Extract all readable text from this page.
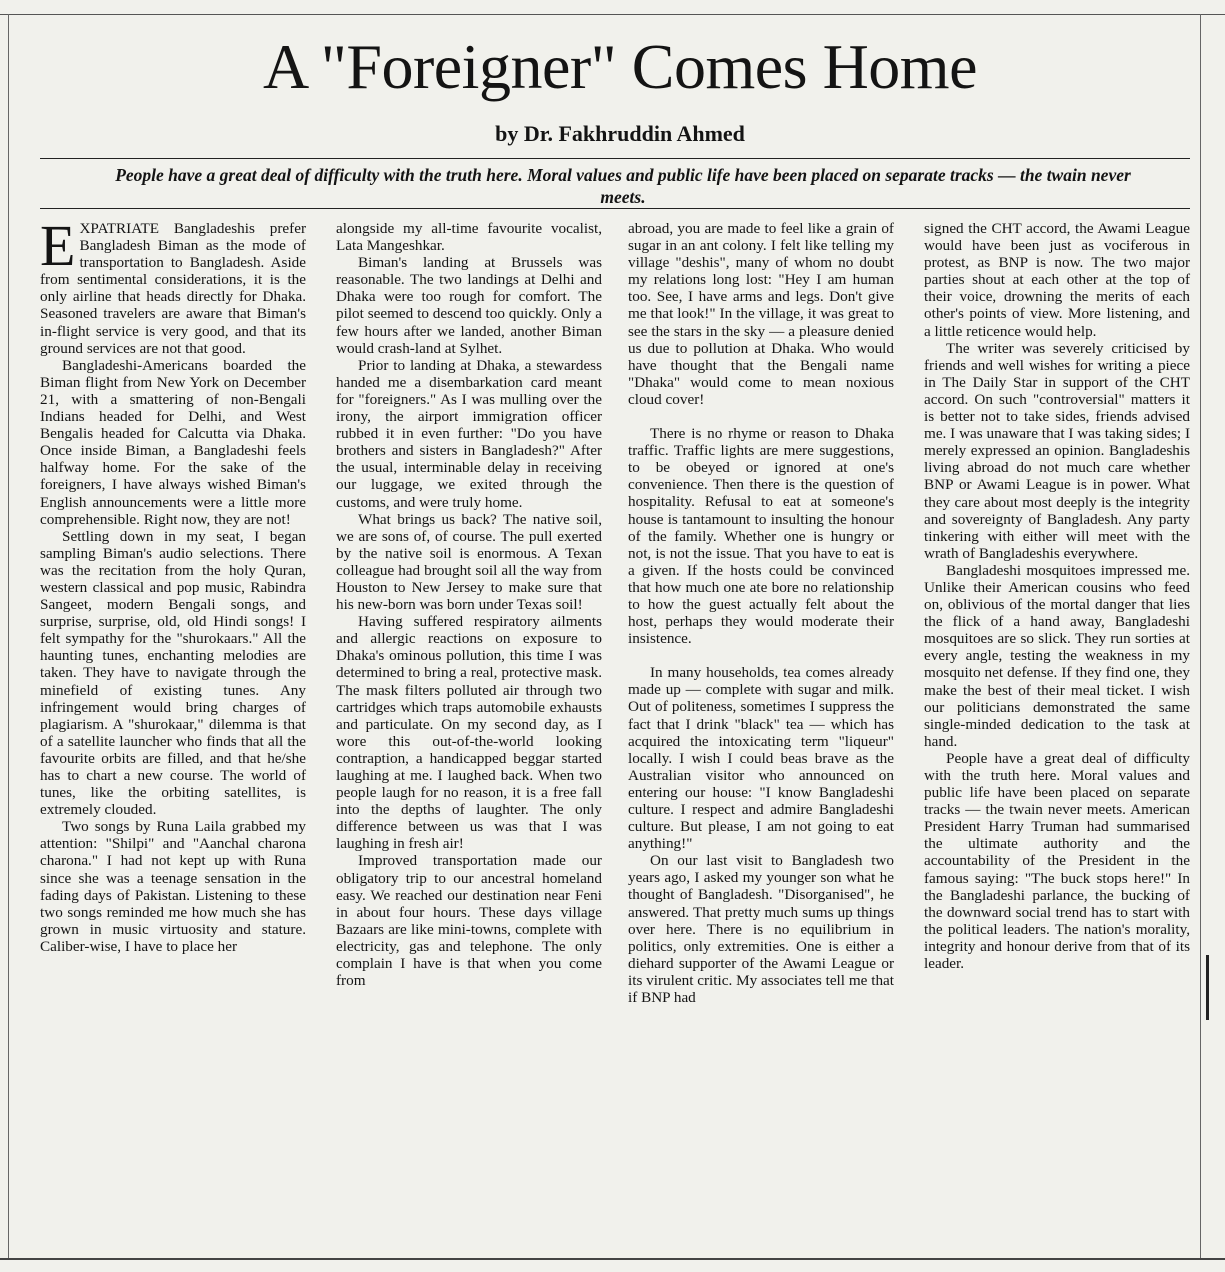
A "Foreigner" Comes Home
by Dr. Fakhruddin Ahmed
People have a great deal of difficulty with the truth here. Moral values and public life have been placed on separate tracks — the twain never meets.

EXPATRIATE Bangladeshis prefer Bangladesh Biman as the mode of transportation to Bangladesh. Aside from sentimental considerations, it is the only airline that heads directly for Dhaka. Seasoned travelers are aware that Biman's in-flight service is very good, and that its ground services are not that good.

Bangladeshi-Americans boarded the Biman flight from New York on December 21, with a smattering of non-Bengali Indians headed for Delhi, and West Bengalis headed for Calcutta via Dhaka. Once inside Biman, a Bangladeshi feels halfway home. For the sake of the foreigners, I have always wished Biman's English announcements were a little more comprehensible. Right now, they are not!

Settling down in my seat, I began sampling Biman's audio selections. There was the recitation from the holy Quran, western classical and pop music, Rabindra Sangeet, modern Bengali songs, and surprise, surprise, old, old Hindi songs! I felt sympathy for the "shurokaars." All the haunting tunes, enchanting melodies are taken. They have to navigate through the minefield of existing tunes. Any infringement would bring charges of plagiarism. A "shurokaar," dilemma is that of a satellite launcher who finds that all the favourite orbits are filled, and that he/she has to chart a new course. The world of tunes, like the orbiting satellites, is extremely clouded.

Two songs by Runa Laila grabbed my attention: "Shilpi" and "Aanchal charona charona." I had not kept up with Runa since she was a teenage sensation in the fading days of Pakistan. Listening to these two songs reminded me how much she has grown in music virtuosity and stature. Caliber-wise, I have to place her

alongside my all-time favourite vocalist, Lata Mangeshkar.

Biman's landing at Brussels was reasonable. The two landings at Delhi and Dhaka were too rough for comfort. The pilot seemed to descend too quickly. Only a few hours after we landed, another Biman would crash-land at Sylhet.

Prior to landing at Dhaka, a stewardess handed me a disembarkation card meant for "foreigners." As I was mulling over the irony, the airport immigration officer rubbed it in even further: "Do you have brothers and sisters in Bangladesh?" After the usual, interminable delay in receiving our luggage, we exited through the customs, and were truly home.

What brings us back? The native soil, we are sons of, of course. The pull exerted by the native soil is enormous. A Texan colleague had brought soil all the way from Houston to New Jersey to make sure that his new-born was born under Texas soil!

Having suffered respiratory ailments and allergic reactions on exposure to Dhaka's ominous pollution, this time I was determined to bring a real, protective mask. The mask filters polluted air through two cartridges which traps automobile exhausts and particulate. On my second day, as I wore this out-of-the-world looking contraption, a handicapped beggar started laughing at me. I laughed back. When two people laugh for no reason, it is a free fall into the depths of laughter. The only difference between us was that I was laughing in fresh air!

Improved transportation made our obligatory trip to our ancestral homeland easy. We reached our destination near Feni in about four hours. These days village Bazaars are like mini-towns, complete with electricity, gas and telephone. The only complain I have is that when you come from

abroad, you are made to feel like a grain of sugar in an ant colony. I felt like telling my village "deshis", many of whom no doubt my relations long lost: "Hey I am human too. See, I have arms and legs. Don't give me that look!" In the village, it was great to see the stars in the sky — a pleasure denied us due to pollution at Dhaka. Who would have thought that the Bengali name "Dhaka" would come to mean noxious cloud cover!

There is no rhyme or reason to Dhaka traffic. Traffic lights are mere suggestions, to be obeyed or ignored at one's convenience. Then there is the question of hospitality. Refusal to eat at someone's house is tantamount to insulting the honour of the family. Whether one is hungry or not, is not the issue. That you have to eat is a given. If the hosts could be convinced that how much one ate bore no relationship to how the guest actually felt about the host, perhaps they would moderate their insistence.

In many households, tea comes already made up — complete with sugar and milk. Out of politeness, sometimes I suppress the fact that I drink "black" tea — which has acquired the intoxicating term "liqueur" locally. I wish I could beas brave as the Australian visitor who announced on entering our house: "I know Bangladeshi culture. I respect and admire Bangladeshi culture. But please, I am not going to eat anything!"

On our last visit to Bangladesh two years ago, I asked my younger son what he thought of Bangladesh. "Disorganised", he answered. That pretty much sums up things over here. There is no equilibrium in politics, only extremities. One is either a diehard supporter of the Awami League or its virulent critic. My associates tell me that if BNP had

signed the CHT accord, the Awami League would have been just as vociferous in protest, as BNP is now. The two major parties shout at each other at the top of their voice, drowning the merits of each other's points of view. More listening, and a little reticence would help.

The writer was severely criticised by friends and well wishes for writing a piece in The Daily Star in support of the CHT accord. On such "controversial" matters it is better not to take sides, friends advised me. I was unaware that I was taking sides; I merely expressed an opinion. Bangladeshis living abroad do not much care whether BNP or Awami League is in power. What they care about most deeply is the integrity and sovereignty of Bangladesh. Any party tinkering with either will meet with the wrath of Bangladeshis everywhere.

Bangladeshi mosquitoes impressed me. Unlike their American cousins who feed on, oblivious of the mortal danger that lies the flick of a hand away, Bangladeshi mosquitoes are so slick. They run sorties at every angle, testing the weakness in my mosquito net defense. If they find one, they make the best of their meal ticket. I wish our politicians demonstrated the same single-minded dedication to the task at hand.

People have a great deal of difficulty with the truth here. Moral values and public life have been placed on separate tracks — the twain never meets. American President Harry Truman had summarised the ultimate authority and the accountability of the President in the famous saying: "The buck stops here!" In the Bangladeshi parlance, the bucking of the downward social trend has to start with the political leaders. The nation's morality, integrity and honour derive from that of its leader.
